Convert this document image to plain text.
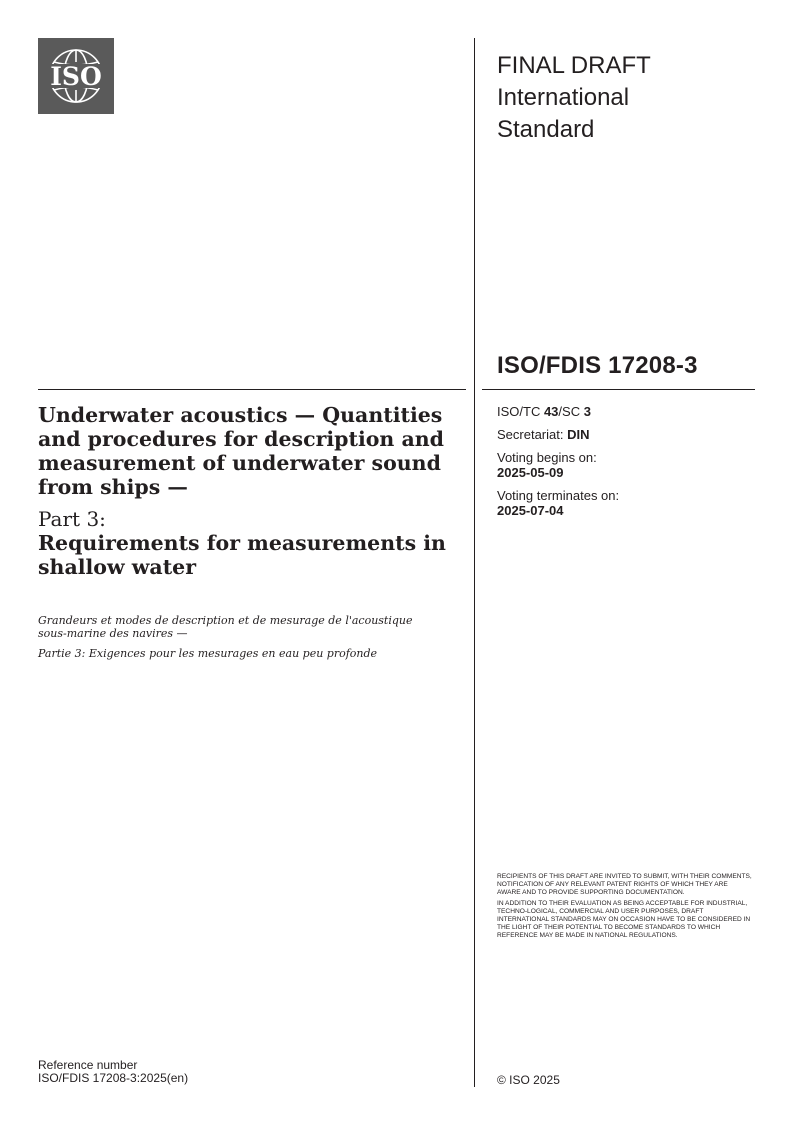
ISO	FINAL DRAFT
International
Standard
ISO/FDIS 17208-3

Underwater acoustics — Quantities and procedures for description and measurement of underwater sound from ships —

Part 3:
Requirements for measurements in shallow water

Grandeurs et modes de description et de mesurage de l'acoustique sous-marine des navires —

Partie 3: Exigences pour les mesurages en eau peu profonde

ISO/TC 43/SC 3
Secretariat: DIN
Voting begins on:
2025-05-09
Voting terminates on:
2025-07-04

RECIPIENTS OF THIS DRAFT ARE INVITED TO SUBMIT, WITH THEIR COMMENTS, NOTIFICATION OF ANY RELEVANT PATENT RIGHTS OF WHICH THEY ARE AWARE AND TO PROVIDE SUPPORTING DOCUMENTATION.

IN ADDITION TO THEIR EVALUATION AS BEING ACCEPTABLE FOR INDUSTRIAL, TECHNO-LOGICAL, COMMERCIAL AND USER PURPOSES, DRAFT INTERNATIONAL STANDARDS MAY ON OCCASION HAVE TO BE CONSIDERED IN THE LIGHT OF THEIR POTENTIAL TO BECOME STANDARDS TO WHICH REFERENCE MAY BE MADE IN NATIONAL REGULATIONS.

Reference number
ISO/FDIS 17208-3:2025(en)	© ISO 2025
